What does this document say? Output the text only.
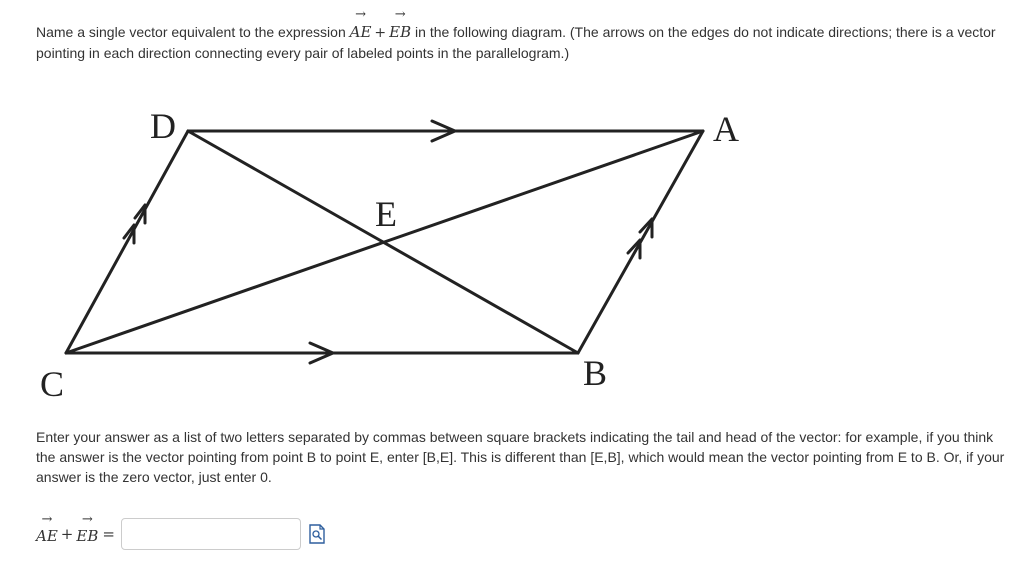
Name a single vector equivalent to the expression
→
AE +
→
EB in the following diagram. (The arrows on the edges do not indicate directions; there is a vector pointing in each direction connecting every pair of labeled points in the parallelogram.)
D	A
E
C	B
Enter your answer as a list of two letters separated by commas between square brackets indicating the tail and head of the vector: for example, if you think the answer is the vector pointing from point B to point E, enter [B,E]. This is different than [E,B], which would mean the vector pointing from E to B. Or, if your answer is the zero vector, just enter 0.
→
AE +
→
EB =
